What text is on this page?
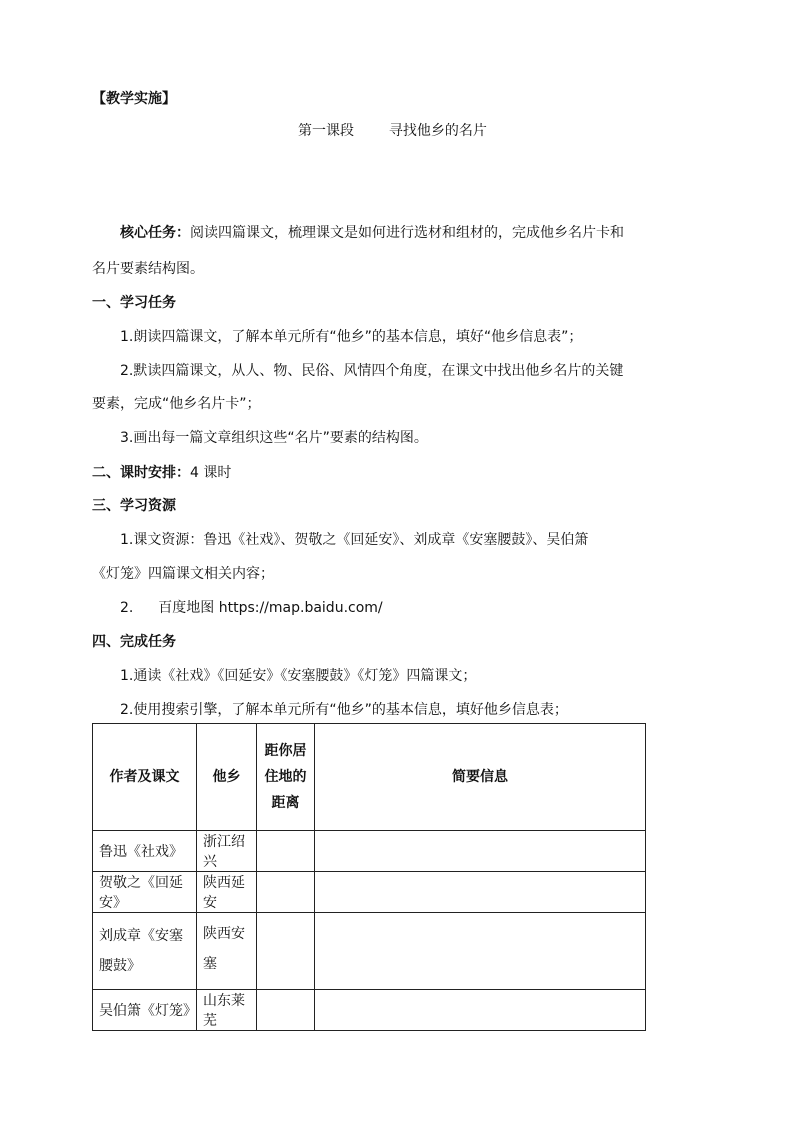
【教学实施】
第一课段 寻找他乡的名片
核心任务：阅读四篇课文，梳理课文是如何进行选材和组材的，完成他乡名片卡和
名片要素结构图。
一、学习任务
1.朗读四篇课文，了解本单元所有“他乡”的基本信息，填好“他乡信息表”；
2.默读四篇课文，从人、物、民俗、风情四个角度，在课文中找出他乡名片的关键
要素，完成“他乡名片卡”；
3.画出每一篇文章组织这些“名片”要素的结构图。
二、课时安排：4 课时
三、学习资源
1.课文资源：鲁迅《社戏》、贺敬之《回延安》、刘成章《安塞腰鼓》、吴伯箫
《灯笼》四篇课文相关内容；
2. 百度地图 https://map.baidu.com/
四、完成任务
1.通读《社戏》《回延安》《安塞腰鼓》《灯笼》四篇课文；
2.使用搜索引擎，了解本单元所有“他乡”的基本信息，填好他乡信息表；
作者及课文	他乡	距你居
住地的
距离	简要信息
鲁迅《社戏》	浙江绍兴		
贺敬之《回延安》	陕西延安		
刘成章《安塞腰鼓》	陕西安塞		
吴伯箫《灯笼》	山东莱芜		
